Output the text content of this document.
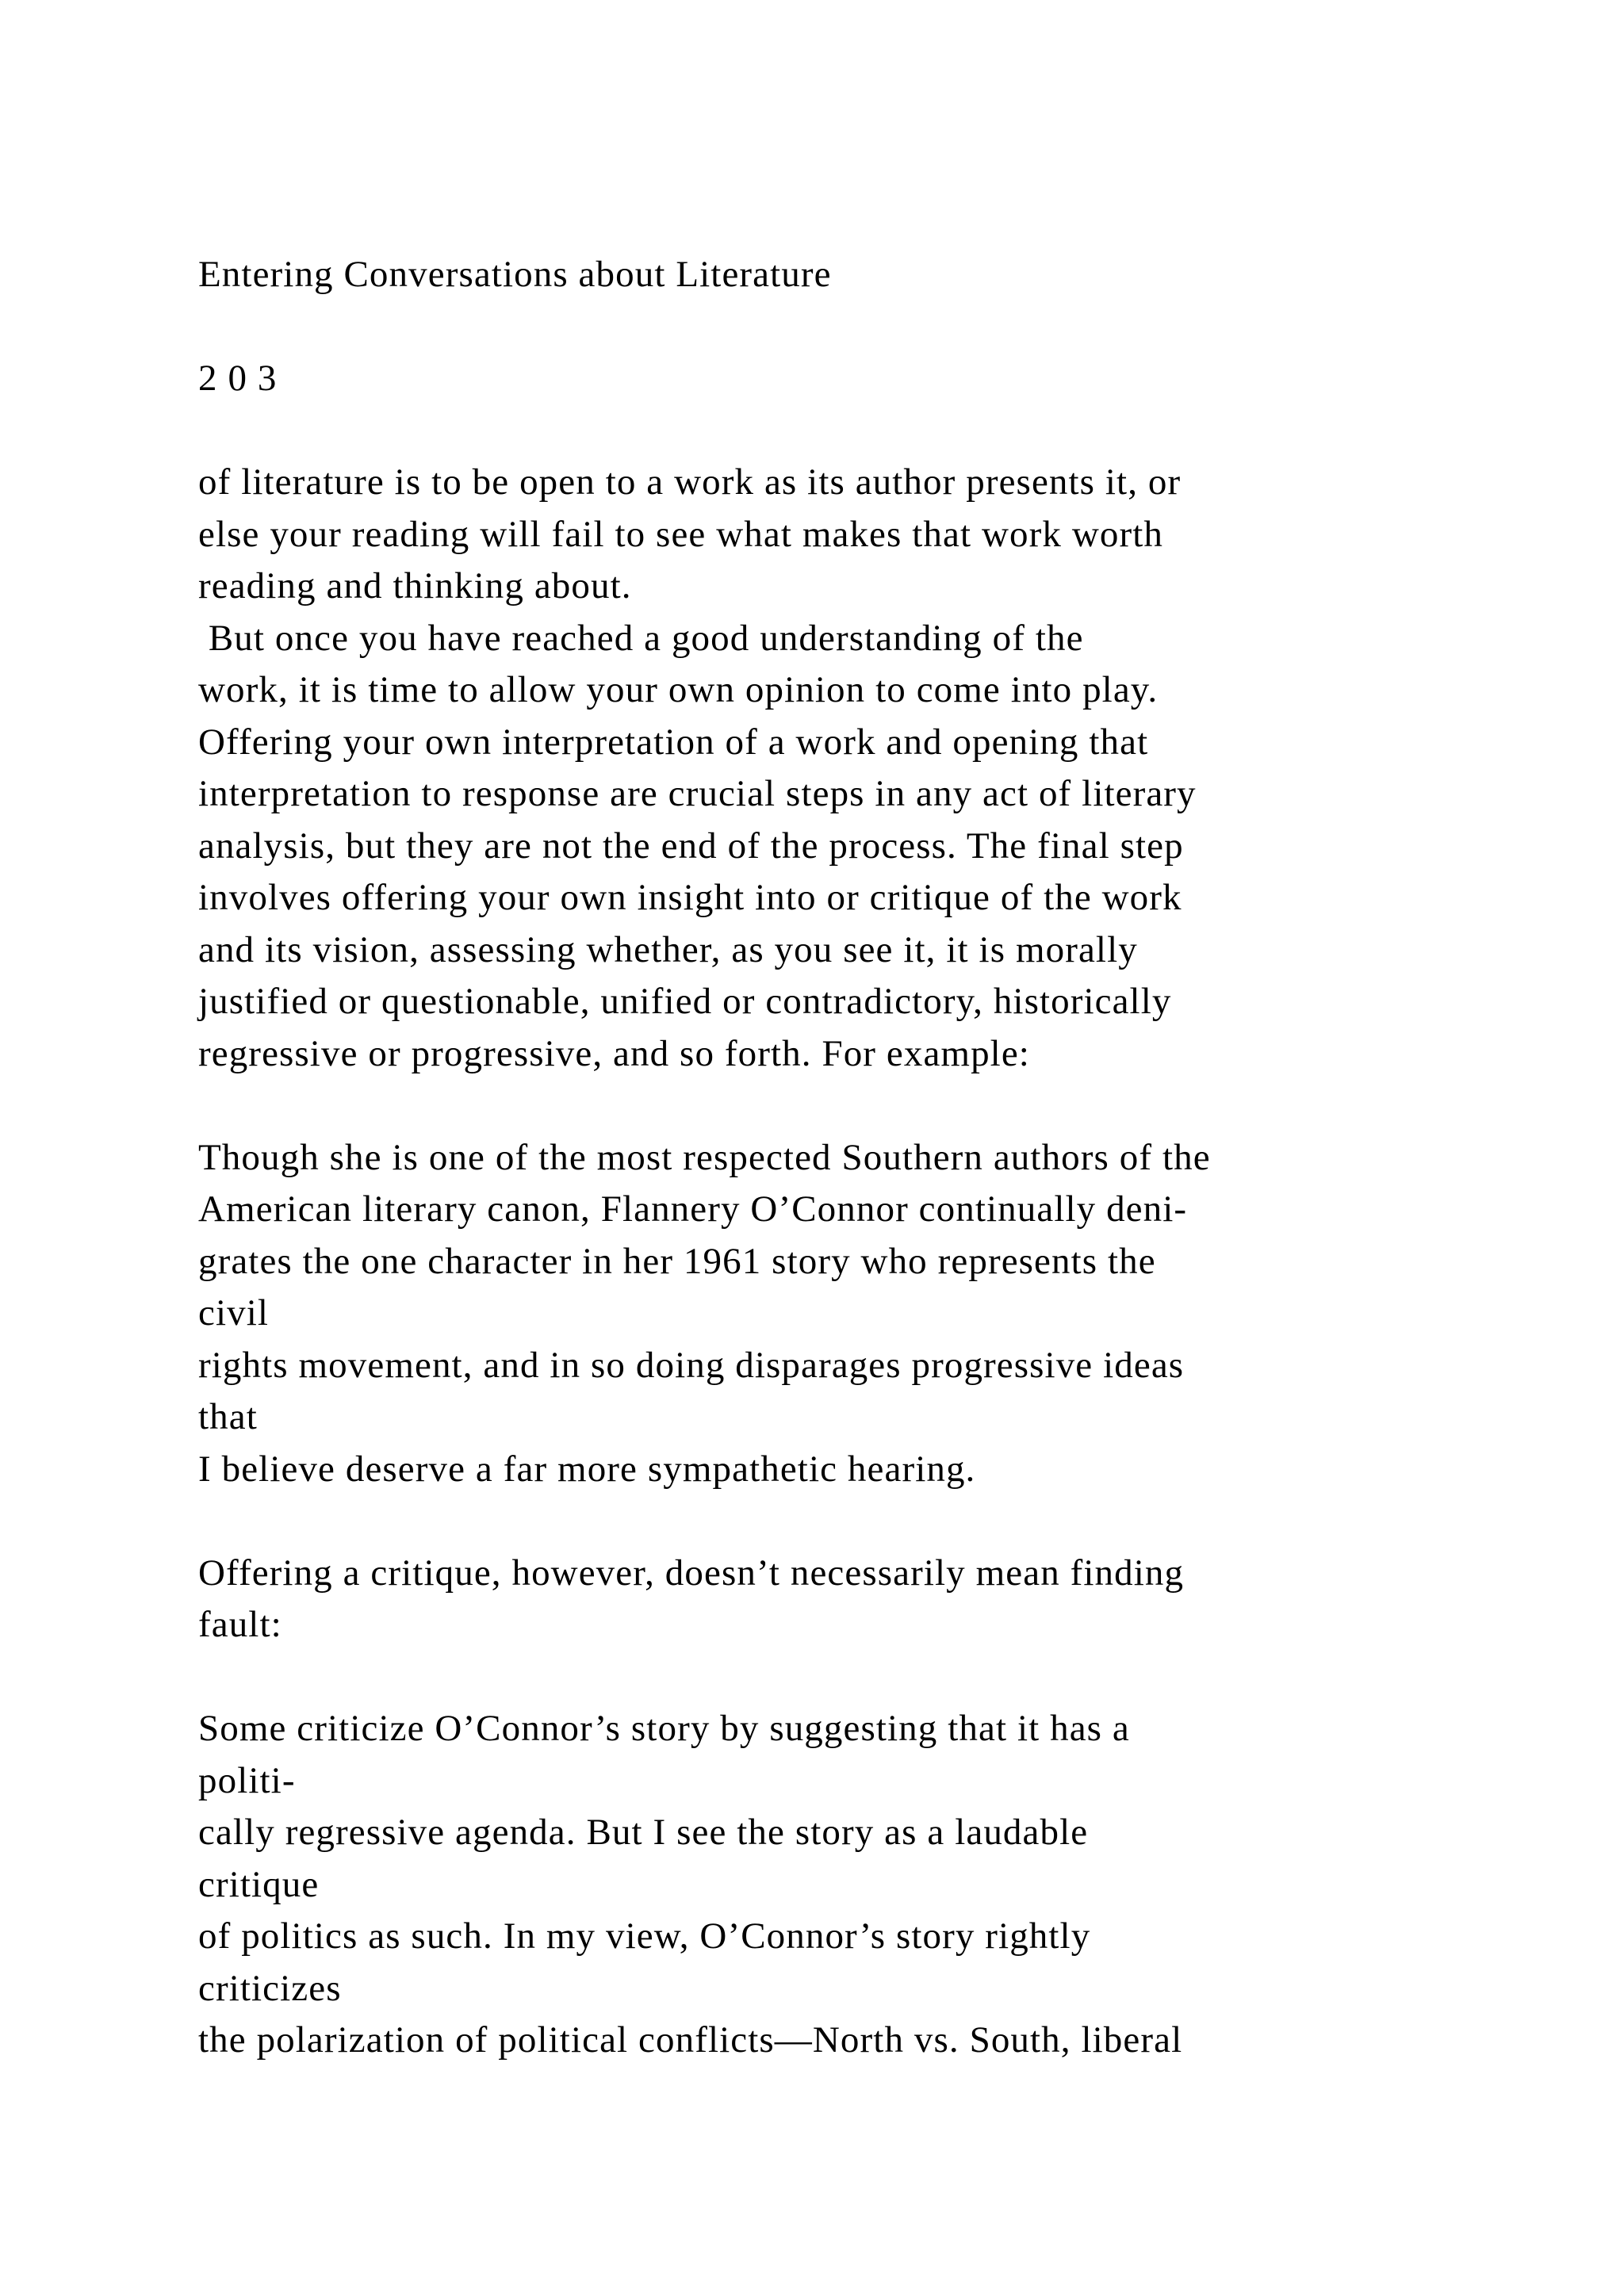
Entering Conversations about Literature

2 0 3

of literature is to be open to a work as its author presents it, or

else your reading will fail to see what makes that work worth

reading and thinking about.

But once you have reached a good understanding of the

work, it is time to allow your own opinion to come into play.

Offering your own interpretation of a work and opening that

interpretation to response are crucial steps in any act of literary

analysis, but they are not the end of the process. The final step

involves offering your own insight into or critique of the work

and its vision, assessing whether, as you see it, it is morally

justified or questionable, unified or contradictory, historically

regressive or progressive, and so forth. For example:

Though she is one of the most respected Southern authors of the

American literary canon, Flannery O’Connor continually deni-

grates the one character in her 1961 story who represents the

civil

rights movement, and in so doing disparages progressive ideas

that

I believe deserve a far more sympathetic hearing.

Offering a critique, however, doesn’t necessarily mean finding

fault:

Some criticize O’Connor’s story by suggesting that it has a

politi-

cally regressive agenda. But I see the story as a laudable

critique

of politics as such. In my view, O’Connor’s story rightly

criticizes

the polarization of political conflicts—North vs. South, liberal
